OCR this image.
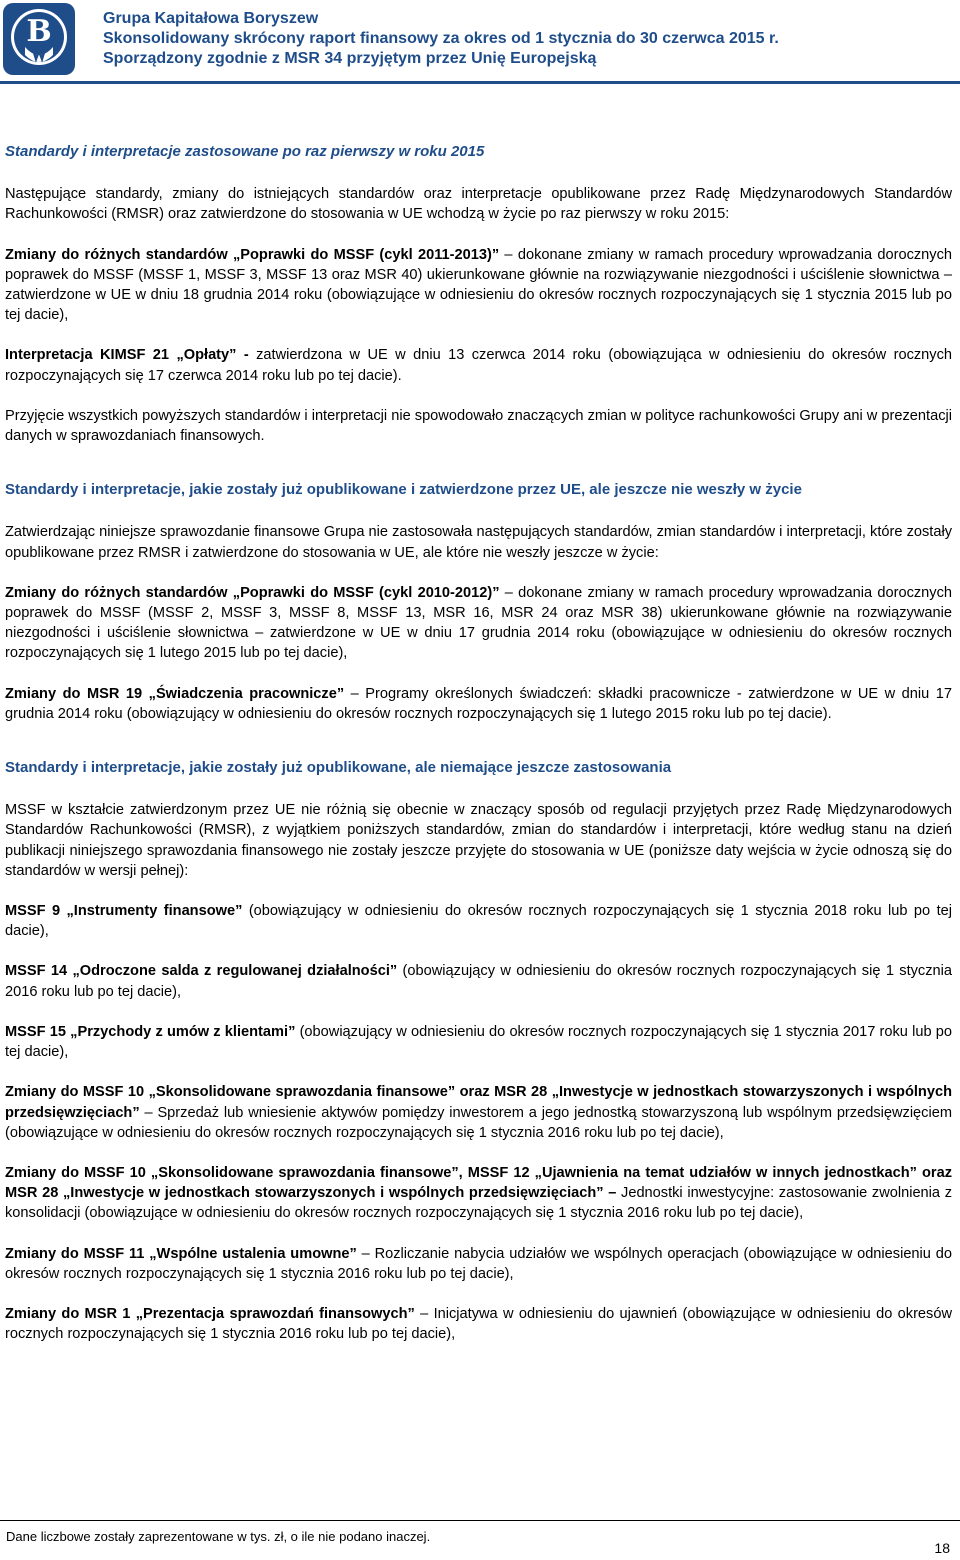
B	Grupa Kapitałowa Boryszew
Skonsolidowany skrócony raport finansowy za okres od 1 stycznia do 30 czerwca 2015 r.
Sporządzony zgodnie z MSR 34 przyjętym przez Unię Europejską

Standardy i interpretacje zastosowane po raz pierwszy w roku 2015

Następujące standardy, zmiany do istniejących standardów oraz interpretacje opublikowane przez Radę Międzynarodowych Standardów Rachunkowości (RMSR) oraz zatwierdzone do stosowania w UE wchodzą w życie po raz pierwszy w roku 2015:

Zmiany do różnych standardów „Poprawki do MSSF (cykl 2011-2013)” – dokonane zmiany w ramach procedury wprowadzania dorocznych poprawek do MSSF (MSSF 1, MSSF 3, MSSF 13 oraz MSR 40) ukierunkowane głównie na rozwiązywanie niezgodności i uściślenie słownictwa – zatwierdzone w UE w dniu 18 grudnia 2014 roku (obowiązujące w odniesieniu do okresów rocznych rozpoczynających się 1 stycznia 2015 lub po tej dacie),

Interpretacja KIMSF 21 „Opłaty” - zatwierdzona w UE w dniu 13 czerwca 2014 roku (obowiązująca w odniesieniu do okresów rocznych rozpoczynających się 17 czerwca 2014 roku lub po tej dacie).

Przyjęcie wszystkich powyższych standardów i interpretacji nie spowodowało znaczących zmian w polityce rachunkowości Grupy ani w prezentacji danych w sprawozdaniach finansowych.

Standardy i interpretacje, jakie zostały już opublikowane i zatwierdzone przez UE, ale jeszcze nie weszły w życie

Zatwierdzając niniejsze sprawozdanie finansowe Grupa nie zastosowała następujących standardów, zmian standardów i interpretacji, które zostały opublikowane przez RMSR i zatwierdzone do stosowania w UE, ale które nie weszły jeszcze w życie:

Zmiany do różnych standardów „Poprawki do MSSF (cykl 2010-2012)” – dokonane zmiany w ramach procedury wprowadzania dorocznych poprawek do MSSF (MSSF 2, MSSF 3, MSSF 8, MSSF 13, MSR 16, MSR 24 oraz MSR 38) ukierunkowane głównie na rozwiązywanie niezgodności i uściślenie słownictwa – zatwierdzone w UE w dniu 17 grudnia 2014 roku (obowiązujące w odniesieniu do okresów rocznych rozpoczynających się 1 lutego 2015 lub po tej dacie),

Zmiany do MSR 19 „Świadczenia pracownicze” – Programy określonych świadczeń: składki pracownicze - zatwierdzone w UE w dniu 17 grudnia 2014 roku (obowiązujący w odniesieniu do okresów rocznych rozpoczynających się 1 lutego 2015 roku lub po tej dacie).

Standardy i interpretacje, jakie zostały już opublikowane, ale niemające jeszcze zastosowania

MSSF w kształcie zatwierdzonym przez UE nie różnią się obecnie w znaczący sposób od regulacji przyjętych przez Radę Międzynarodowych Standardów Rachunkowości (RMSR), z wyjątkiem poniższych standardów, zmian do standardów i interpretacji, które według stanu na dzień publikacji niniejszego sprawozdania finansowego nie zostały jeszcze przyjęte do stosowania w UE (poniższe daty wejścia w życie odnoszą się do standardów w wersji pełnej):

MSSF 9 „Instrumenty finansowe” (obowiązujący w odniesieniu do okresów rocznych rozpoczynających się 1 stycznia 2018 roku lub po tej dacie),

MSSF 14 „Odroczone salda z regulowanej działalności” (obowiązujący w odniesieniu do okresów rocznych rozpoczynających się 1 stycznia 2016 roku lub po tej dacie),

MSSF 15 „Przychody z umów z klientami” (obowiązujący w odniesieniu do okresów rocznych rozpoczynających się 1 stycznia 2017 roku lub po tej dacie),

Zmiany do MSSF 10 „Skonsolidowane sprawozdania finansowe” oraz MSR 28 „Inwestycje w jednostkach stowarzyszonych i wspólnych przedsięwzięciach” – Sprzedaż lub wniesienie aktywów pomiędzy inwestorem a jego jednostką stowarzyszoną lub wspólnym przedsięwzięciem (obowiązujące w odniesieniu do okresów rocznych rozpoczynających się 1 stycznia 2016 roku lub po tej dacie),

Zmiany do MSSF 10 „Skonsolidowane sprawozdania finansowe”, MSSF 12 „Ujawnienia na temat udziałów w innych jednostkach” oraz MSR 28 „Inwestycje w jednostkach stowarzyszonych i wspólnych przedsięwzięciach” – Jednostki inwestycyjne: zastosowanie zwolnienia z konsolidacji (obowiązujące w odniesieniu do okresów rocznych rozpoczynających się 1 stycznia 2016 roku lub po tej dacie),

Zmiany do MSSF 11 „Wspólne ustalenia umowne” – Rozliczanie nabycia udziałów we wspólnych operacjach (obowiązujące w odniesieniu do okresów rocznych rozpoczynających się 1 stycznia 2016 roku lub po tej dacie),

Zmiany do MSR 1 „Prezentacja sprawozdań finansowych” – Inicjatywa w odniesieniu do ujawnień (obowiązujące w odniesieniu do okresów rocznych rozpoczynających się 1 stycznia 2016 roku lub po tej dacie),

Dane liczbowe zostały zaprezentowane w tys. zł, o ile nie podano inaczej.
18
